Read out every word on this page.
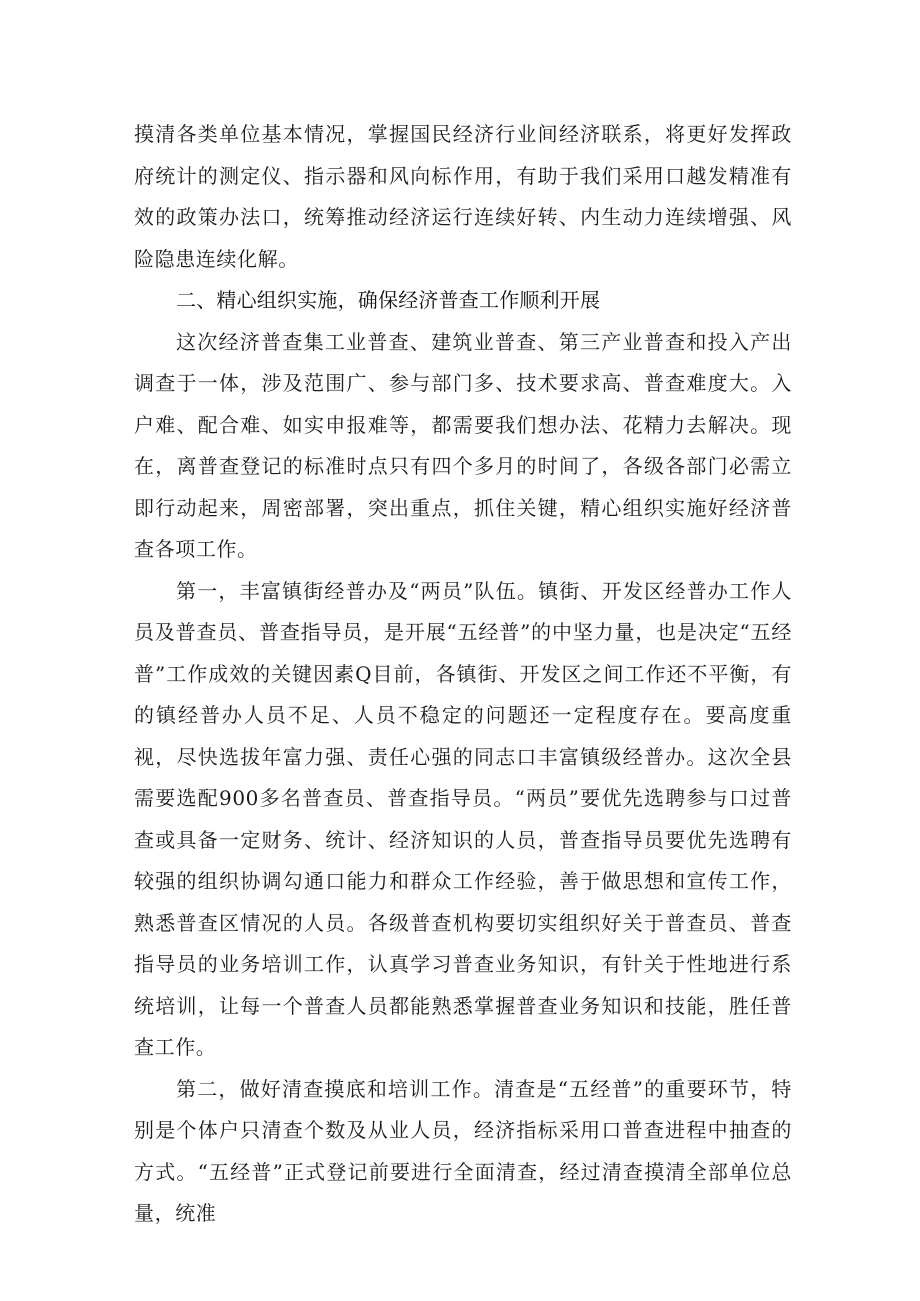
摸清各类单位基本情况，掌握国民经济行业间经济联系，将更好发挥政府统计的测定仪、指示器和风向标作用，有助于我们采用口越发精准有效的政策办法口，统筹推动经济运行连续好转、内生动力连续增强、风险隐患连续化解。

二、精心组织实施，确保经济普查工作顺利开展

这次经济普查集工业普查、建筑业普查、第三产业普查和投入产出调查于一体，涉及范围广、参与部门多、技术要求高、普查难度大。入户难、配合难、如实申报难等，都需要我们想办法、花精力去解决。现在，离普查登记的标准时点只有四个多月的时间了，各级各部门必需立即行动起来，周密部署，突出重点，抓住关键，精心组织实施好经济普查各项工作。

第一，丰富镇街经普办及“两员”队伍。镇街、开发区经普办工作人员及普查员、普查指导员，是开展“五经普”的中坚力量，也是决定“五经普”工作成效的关键因素Q目前，各镇街、开发区之间工作还不平衡，有的镇经普办人员不足、人员不稳定的问题还一定程度存在。要高度重视，尽快选拔年富力强、责任心强的同志口丰富镇级经普办。这次全县需要选配900多名普查员、普查指导员。“两员”要优先选聘参与口过普查或具备一定财务、统计、经济知识的人员，普查指导员要优先选聘有较强的组织协调勾通口能力和群众工作经验，善于做思想和宣传工作，熟悉普查区情况的人员。各级普查机构要切实组织好关于普查员、普查指导员的业务培训工作，认真学习普查业务知识，有针关于性地进行系统培训，让每一个普查人员都能熟悉掌握普查业务知识和技能，胜任普查工作。

第二，做好清查摸底和培训工作。清查是“五经普”的重要环节，特别是个体户只清查个数及从业人员，经济指标采用口普查进程中抽查的方式。“五经普”正式登记前要进行全面清查，经过清查摸清全部单位总量，统准
